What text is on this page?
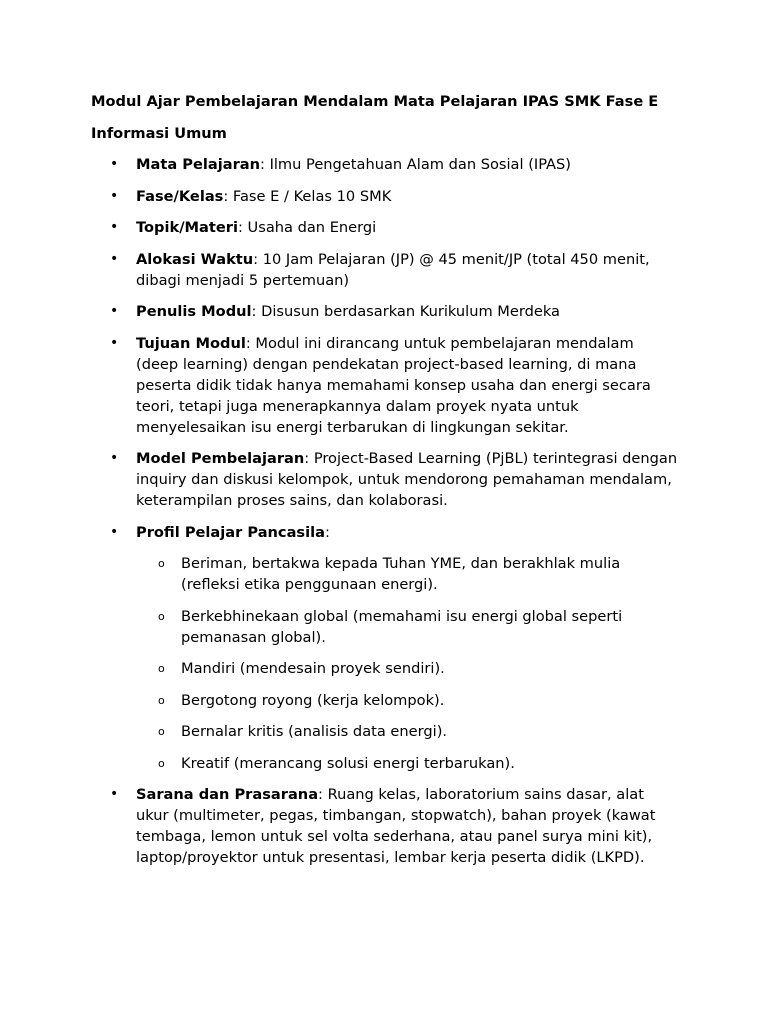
Modul Ajar Pembelajaran Mendalam Mata Pelajaran IPAS SMK Fase E
Informasi Umum
• Mata Pelajaran: Ilmu Pengetahuan Alam dan Sosial (IPAS)
• Fase/Kelas: Fase E / Kelas 10 SMK
• Topik/Materi: Usaha dan Energi
• Alokasi Waktu: 10 Jam Pelajaran (JP) @ 45 menit/JP (total 450 menit, dibagi menjadi 5 pertemuan)
• Penulis Modul: Disusun berdasarkan Kurikulum Merdeka
• Tujuan Modul: Modul ini dirancang untuk pembelajaran mendalam (deep learning) dengan pendekatan project-based learning, di mana peserta didik tidak hanya memahami konsep usaha dan energi secara teori, tetapi juga menerapkannya dalam proyek nyata untuk menyelesaikan isu energi terbarukan di lingkungan sekitar.
• Model Pembelajaran: Project-Based Learning (PjBL) terintegrasi dengan inquiry dan diskusi kelompok, untuk mendorong pemahaman mendalam, keterampilan proses sains, dan kolaborasi.
• Profil Pelajar Pancasila:
o Beriman, bertakwa kepada Tuhan YME, dan berakhlak mulia (refleksi etika penggunaan energi).
o Berkebhinekaan global (memahami isu energi global seperti pemanasan global).
o Mandiri (mendesain proyek sendiri).
o Bergotong royong (kerja kelompok).
o Bernalar kritis (analisis data energi).
o Kreatif (merancang solusi energi terbarukan).
• Sarana dan Prasarana: Ruang kelas, laboratorium sains dasar, alat ukur (multimeter, pegas, timbangan, stopwatch), bahan proyek (kawat tembaga, lemon untuk sel volta sederhana, atau panel surya mini kit), laptop/proyektor untuk presentasi, lembar kerja peserta didik (LKPD).
